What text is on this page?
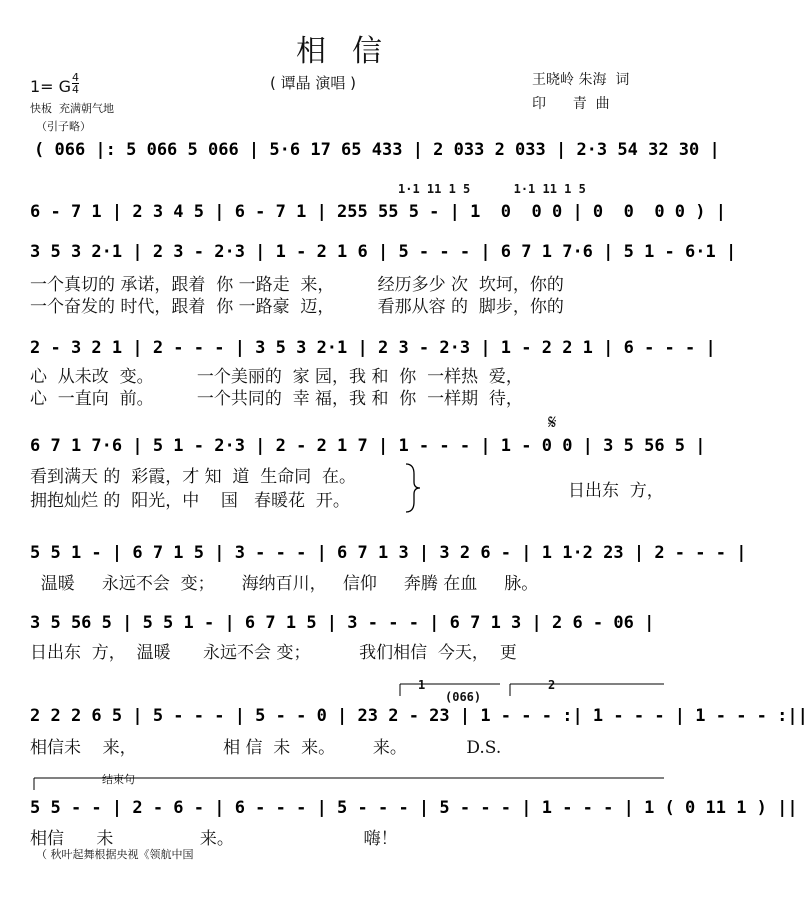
相信
( 谭晶 演唱 )	王晓岭 朱海  词
印      青  曲
1= G $\frac{4}{4}$
快板  充满朝气地
（引子略）
( 066 |: 5 066 5 066 | 5·6 17 65 433 | 2 033 2 033 | 2·3 54 32 30 |
1·1 11 1 5      1·1 11 1 5
6 - 7 1 | 2 3 4 5 | 6 - 7 1 | 255 55 5 - | 1  0  0 0 | 0  0  0 0 ) |
3 5 3 2·1 | 2 3 - 2·3 | 1 - 2 1 6 | 5 - - - | 6 7 1 7·6 | 5 1 - 6·1 |
一个真切的 承诺，跟着  你 一路走  来，        经历多少 次  坎坷，你的
一个奋发的 时代，跟着  你 一路豪  迈，        看那从容 的  脚步，你的
2 - 3 2 1 | 2 - - - | 3 5 3 2·1 | 2 3 - 2·3 | 1 - 2 2 1 | 6 - - - |
心  从未改  变。        一个美丽的  家 园，我 和  你  一样热  爱，
心  一直向  前。        一个共同的  幸 福，我 和  你  一样期  待，
𝄋
6 7 1 7·6 | 5 1 - 2·3 | 2 - 2 1 7 | 1 - - - | 1 - 0 0 | 3 5 56 5 |
看到满天 的  彩霞，才 知  道  生命同  在。
拥抱灿烂 的  阳光，中    国   春暖花  开。	日出东  方，
5 5 1 - | 6 7 1 5 | 3 - - - | 6 7 1 3 | 3 2 6 - | 1 1·2 23 | 2 - - - |
温暖     永远不会  变；     海纳百川，   信仰     奔腾 在血     脉。
3 5 56 5 | 5 5 1 - | 6 7 1 5 | 3 - - - | 6 7 1 3 | 2 6 - 06 |
日出东  方，  温暖      永远不会 变；         我们相信  今天，  更
1	2
(066)
2 2 2 6 5 | 5 - - - | 5 - - 0 | 23 2 - 23 | 1 - - - :| 1 - - - | 1 - - - :||
相信未    来，                相 信  未  来。       来。           D.S.
结束句
5 5 - - | 2 - 6 - | 6 - - - | 5 - - - | 5 - - - | 1 - - - | 1 ( 0 11 1 ) ||
相信      未                来。                        嗨！
（ 秋叶起舞根据央视《领航中国
